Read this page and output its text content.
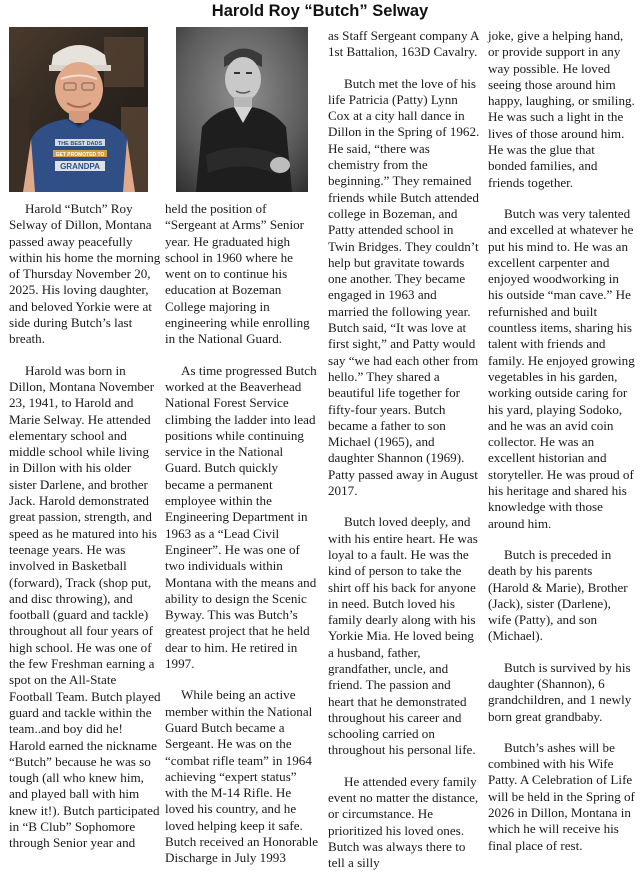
Harold Roy “Butch” Selway
THE BEST DADS
GET PROMOTED TO
GRANDPA

Harold “Butch” Roy Selway of Dillon, Montana passed away peacefully within his home the morning of Thursday November 20, 2025. His loving daughter, and beloved Yorkie were at side during Butch’s last breath.

Harold was born in Dillon, Montana November 23, 1941, to Harold and Marie Selway. He attended elementary school and middle school while living in Dillon with his older sister Darlene, and brother Jack. Harold demonstrated great passion, strength, and speed as he matured into his teenage years. He was involved in Basketball (forward), Track (shop put, and disc throwing), and football (guard and tackle) throughout all four years of high school. He was one of the few Freshman earning a spot on the All-State Football Team. Butch played guard and tackle within the team..and boy did he! Harold earned the nickname “Butch” because he was so tough (all who knew him, and played ball with him knew it!). Butch participated in “B Club” Sophomore through Senior year and

held the position of “Sergeant at Arms” Senior year. He graduated high school in 1960 where he went on to continue his education at Bozeman College majoring in engineering while enrolling in the National Guard.

As time progressed Butch worked at the Beaverhead National Forest Service climbing the ladder into lead positions while continuing service in the National Guard. Butch quickly became a permanent employee within the Engineering Department in 1963 as a “Lead Civil Engineer”. He was one of two individuals within Montana with the means and ability to design the Scenic Byway. This was Butch’s greatest project that he held dear to him. He retired in 1997.

While being an active member within the National Guard Butch became a Sergeant. He was on the “combat rifle team” in 1964 achieving “expert status” with the M-14 Rifle. He loved his country, and he loved helping keep it safe. Butch received an Honorable Discharge in July 1993

as Staff Sergeant company A 1st Battalion, 163D Cavalry.

Butch met the love of his life Patricia (Patty) Lynn Cox at a city hall dance in Dillon in the Spring of 1962. He said, “there was chemistry from the beginning.” They remained friends while Butch attended college in Bozeman, and Patty attended school in Twin Bridges. They couldn’t help but gravitate towards one another. They became engaged in 1963 and married the following year. Butch said, “It was love at first sight,” and Patty would say “we had each other from hello.” They shared a beautiful life together for fifty-four years. Butch became a father to son Michael (1965), and daughter Shannon (1969). Patty passed away in August 2017.

Butch loved deeply, and with his entire heart. He was loyal to a fault. He was the kind of person to take the shirt off his back for anyone in need. Butch loved his family dearly along with his Yorkie Mia. He loved being a husband, father, grandfather, uncle, and friend. The passion and heart that he demonstrated throughout his career and schooling carried on throughout his personal life.

He attended every family event no matter the distance, or circumstance. He prioritized his loved ones. Butch was always there to tell a silly

joke, give a helping hand, or provide support in any way possible. He loved seeing those around him happy, laughing, or smiling. He was such a light in the lives of those around him. He was the glue that bonded families, and friends together.

Butch was very talented and excelled at whatever he put his mind to. He was an excellent carpenter and enjoyed woodworking in his outside “man cave.” He refurnished and built countless items, sharing his talent with friends and family. He enjoyed growing vegetables in his garden, working outside caring for his yard, playing Sodoko, and he was an avid coin collector. He was an excellent historian and storyteller. He was proud of his heritage and shared his knowledge with those around him.

Butch is preceded in death by his parents (Harold & Marie), Brother (Jack), sister (Darlene), wife (Patty), and son (Michael).

Butch is survived by his daughter (Shannon), 6 grandchildren, and 1 newly born great grandbaby.

Butch’s ashes will be combined with his Wife Patty. A Celebration of Life will be held in the Spring of 2026 in Dillon, Montana in which he will receive his final place of rest.
